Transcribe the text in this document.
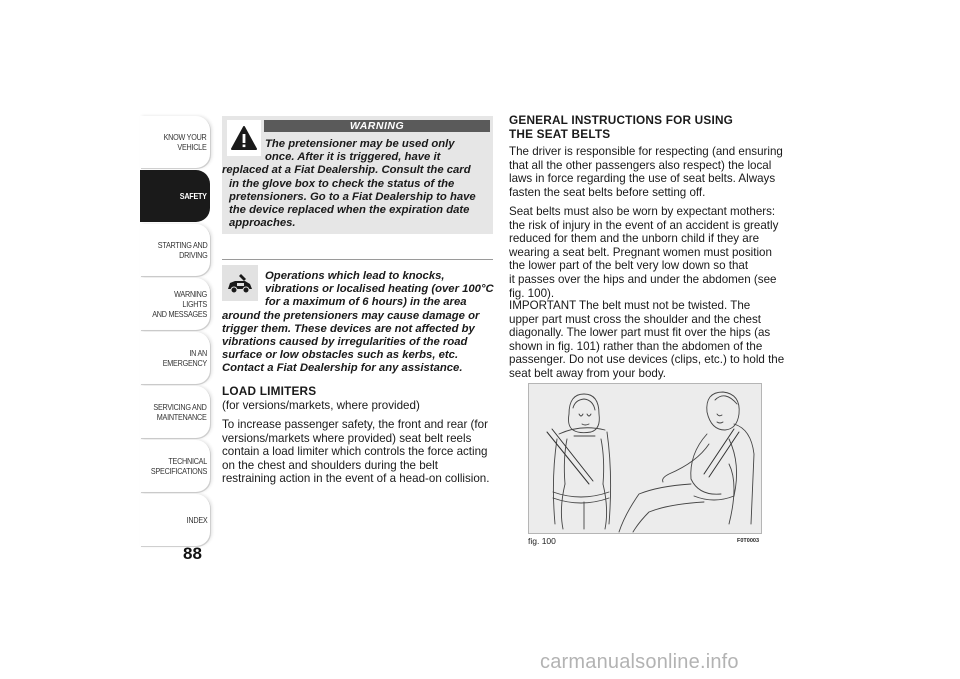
KNOW YOUR
VEHICLE
SAFETY
STARTING AND
DRIVING
WARNING LIGHTS
AND MESSAGES
IN AN EMERGENCY
SERVICING AND
MAINTENANCE
TECHNICAL
SPECIFICATIONS
INDEX
88
WARNING
The pretensioner may be used only
once. After it is triggered, have it
replaced at a Fiat Dealership. Consult the card
in the glove box to check the status of the
pretensioners. Go to a Fiat Dealership to have
the device replaced when the expiration date
approaches.
Operations which lead to knocks,
vibrations or localised heating (over 100°C
for a maximum of 6 hours) in the area
around the pretensioners may cause damage or
trigger them. These devices are not affected by
vibrations caused by irregularities of the road
surface or low obstacles such as kerbs, etc.
Contact a Fiat Dealership for any assistance.
LOAD LIMITERS
(for versions/markets, where provided)
To increase passenger safety, the front and rear (for
versions/markets where provided) seat belt reels
contain a load limiter which controls the force acting
on the chest and shoulders during the belt
restraining action in the event of a head-on collision.
GENERAL INSTRUCTIONS FOR USING
THE SEAT BELTS
The driver is responsible for respecting (and ensuring
that all the other passengers also respect) the local
laws in force regarding the use of seat belts. Always
fasten the seat belts before setting off.
Seat belts must also be worn by expectant mothers:
the risk of injury in the event of an accident is greatly
reduced for them and the unborn child if they are
wearing a seat belt. Pregnant women must position
the lower part of the belt very low down so that
it passes over the hips and under the abdomen (see
fig. 100).
IMPORTANT The belt must not be twisted. The
upper part must cross the shoulder and the chest
diagonally. The lower part must fit over the hips (as
shown in fig. 101) rather than the abdomen of the
passenger. Do not use devices (clips, etc.) to hold the
seat belt away from your body.
fig. 100	F0T0003
carmanualsonline.info
